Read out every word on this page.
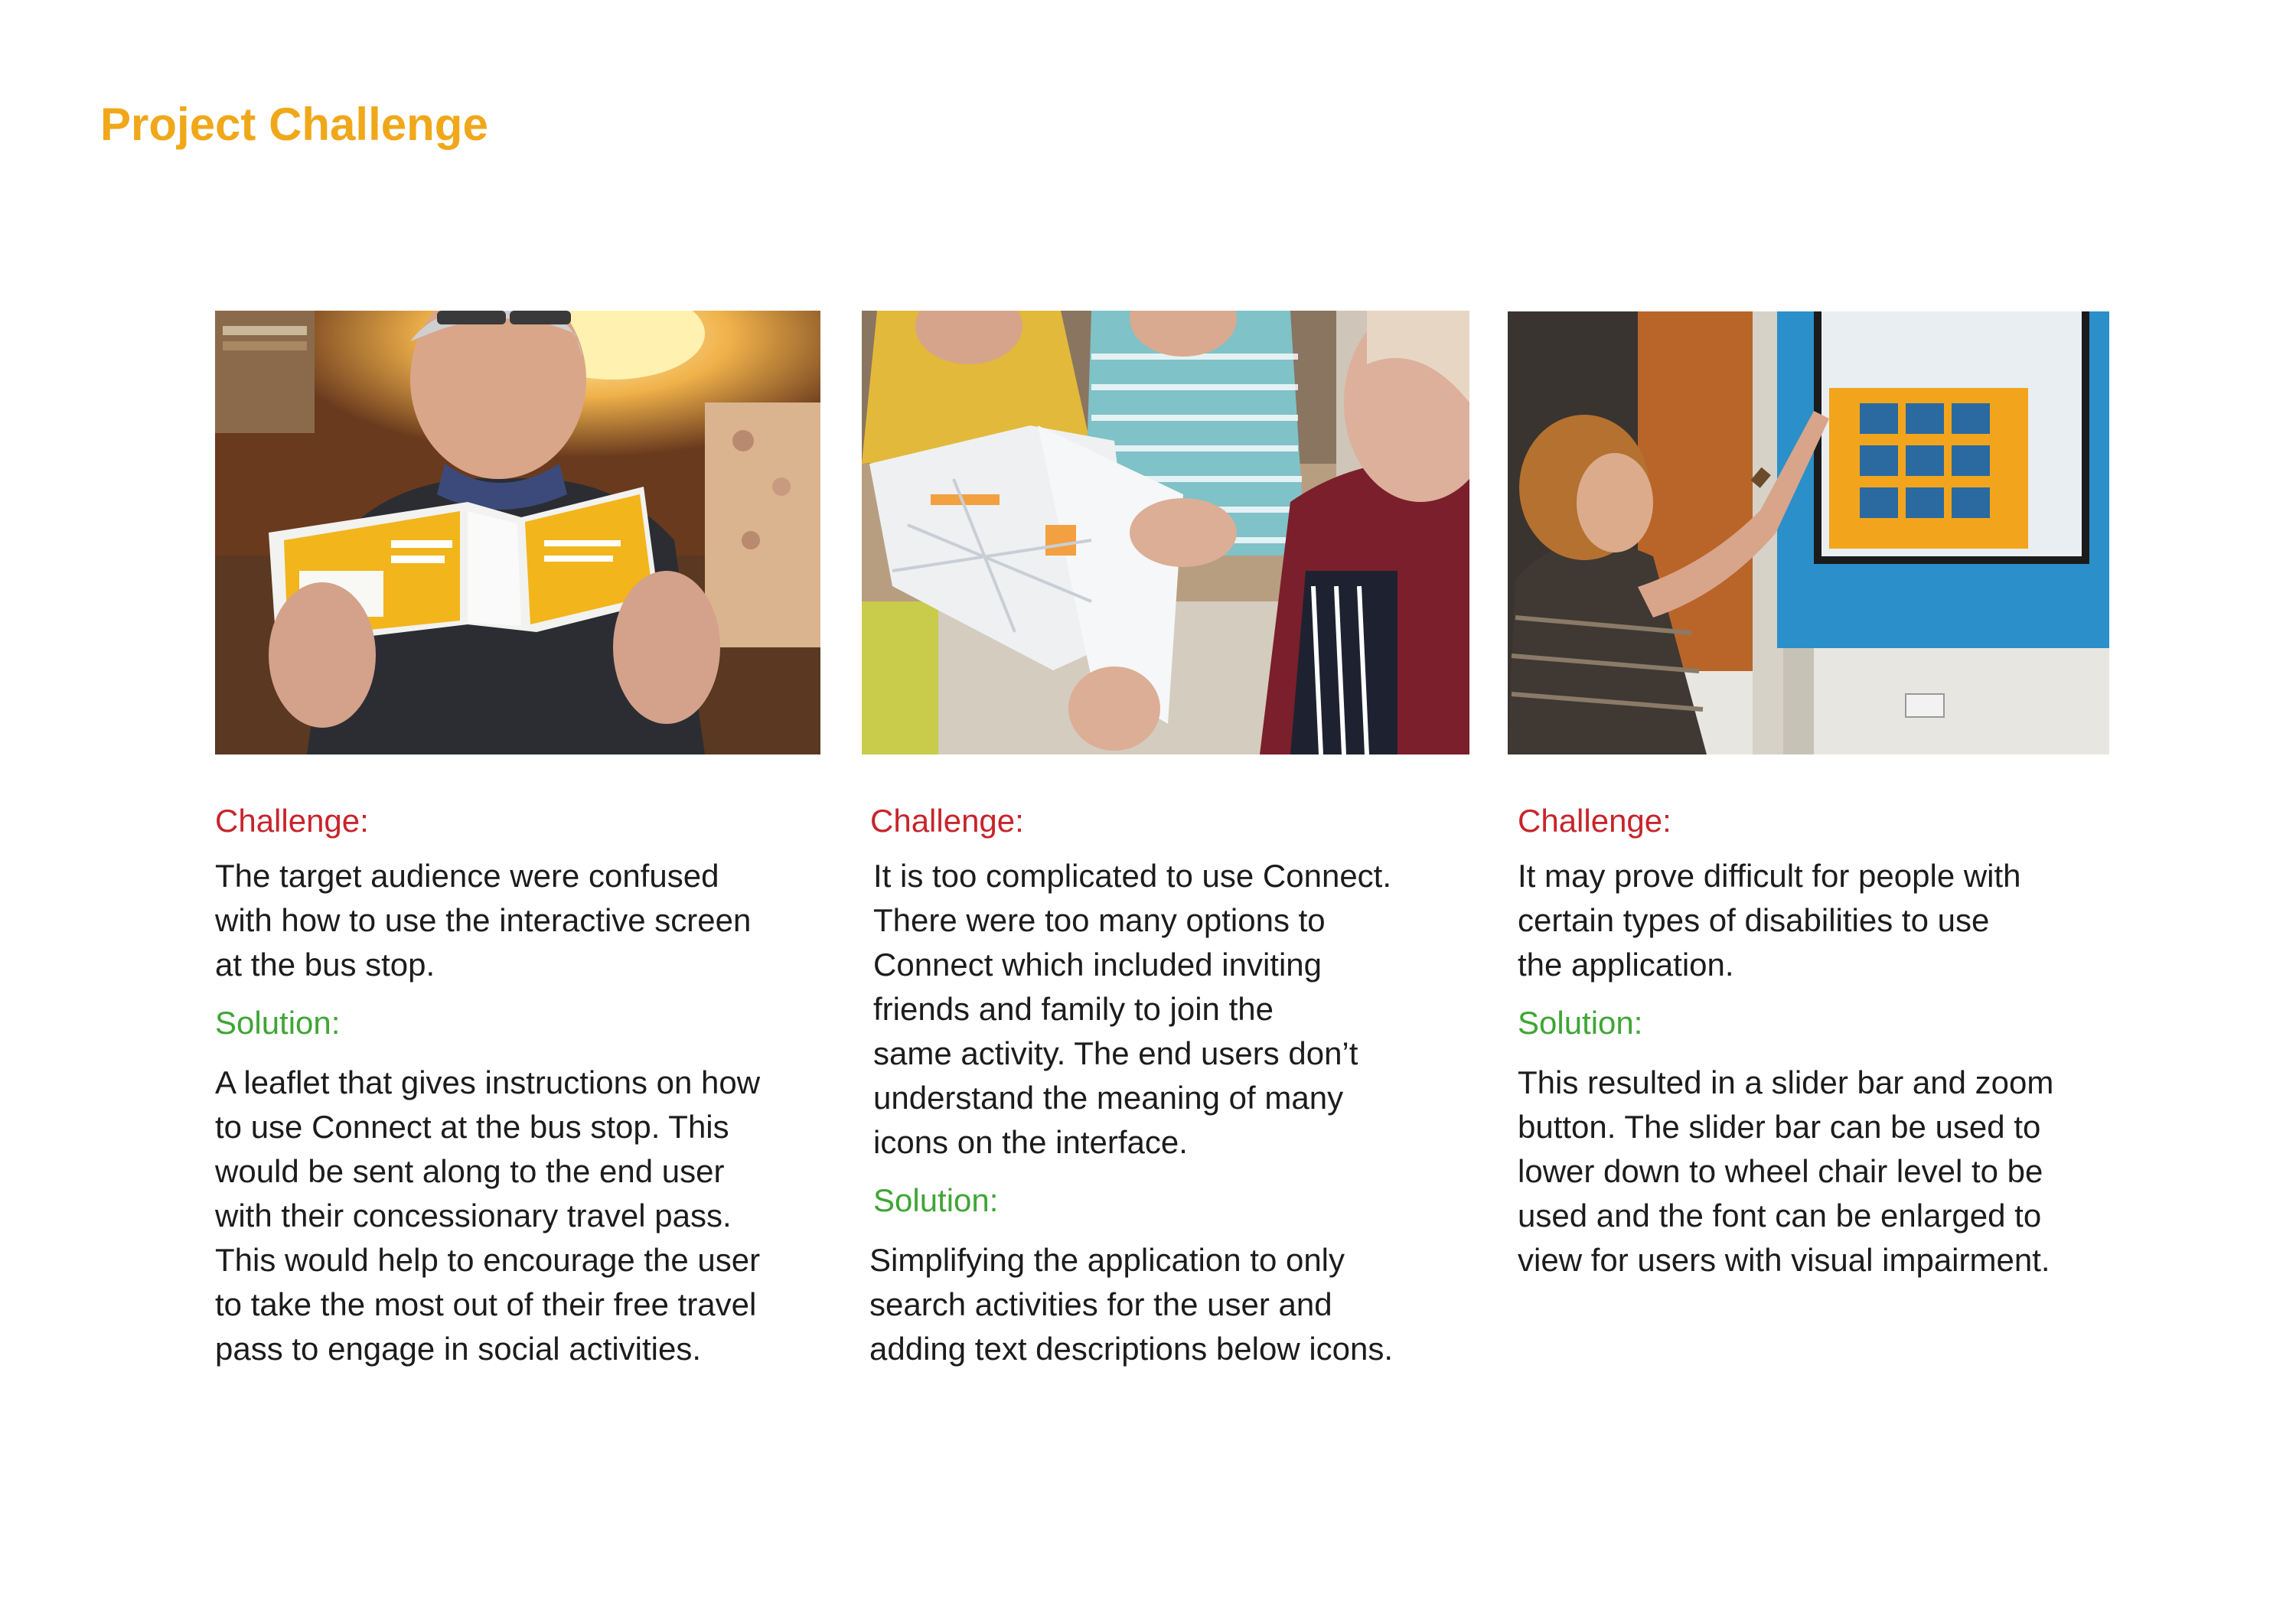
Project Challenge
Challenge:
The target audience were confused
with how to use the interactive screen
at the bus stop.
Solution:
A leaflet that gives instructions on how
to use Connect at the bus stop. This
would be sent along to the end user
with their concessionary travel pass.
This would help to encourage the user
to take the most out of their free travel
pass to engage in social activities.
Challenge:
It is too complicated to use Connect.
There were too many options to
Connect which included inviting
friends and family to join the
same activity. The end users don’t
understand the meaning of many
icons on the interface.
Solution:
Simplifying the application to only
search activities for the user and
adding text descriptions below icons.
Challenge:
It may prove difficult for people with
certain types of disabilities to use
the application.
Solution:
This resulted in a slider bar and zoom
button. The slider bar can be used to
lower down to wheel chair level to be
used and the font can be enlarged to
view for users with visual impairment.
